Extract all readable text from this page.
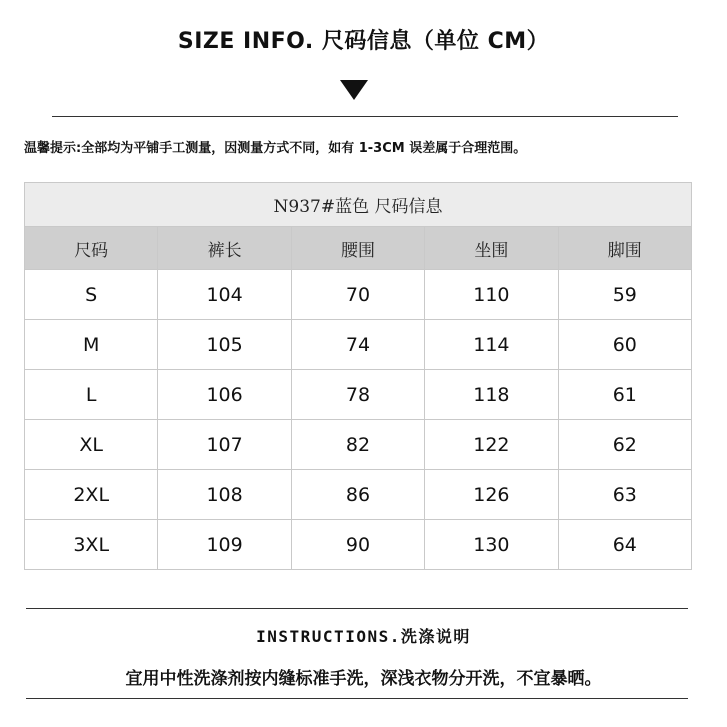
SIZE INFO. 尺码信息（单位 CM）
温馨提示:全部均为平铺手工测量，因测量方式不同，如有 1-3CM 误差属于合理范围。
N937#蓝色 尺码信息				
尺码	裤长	腰围	坐围	脚围
S	104	70	110	59
M	105	74	114	60
L	106	78	118	61
XL	107	82	122	62
2XL	108	86	126	63
3XL	109	90	130	64
INSTRUCTIONS.洗涤说明
宜用中性洗涤剂按内缝标准手洗，深浅衣物分开洗，不宜暴晒。
